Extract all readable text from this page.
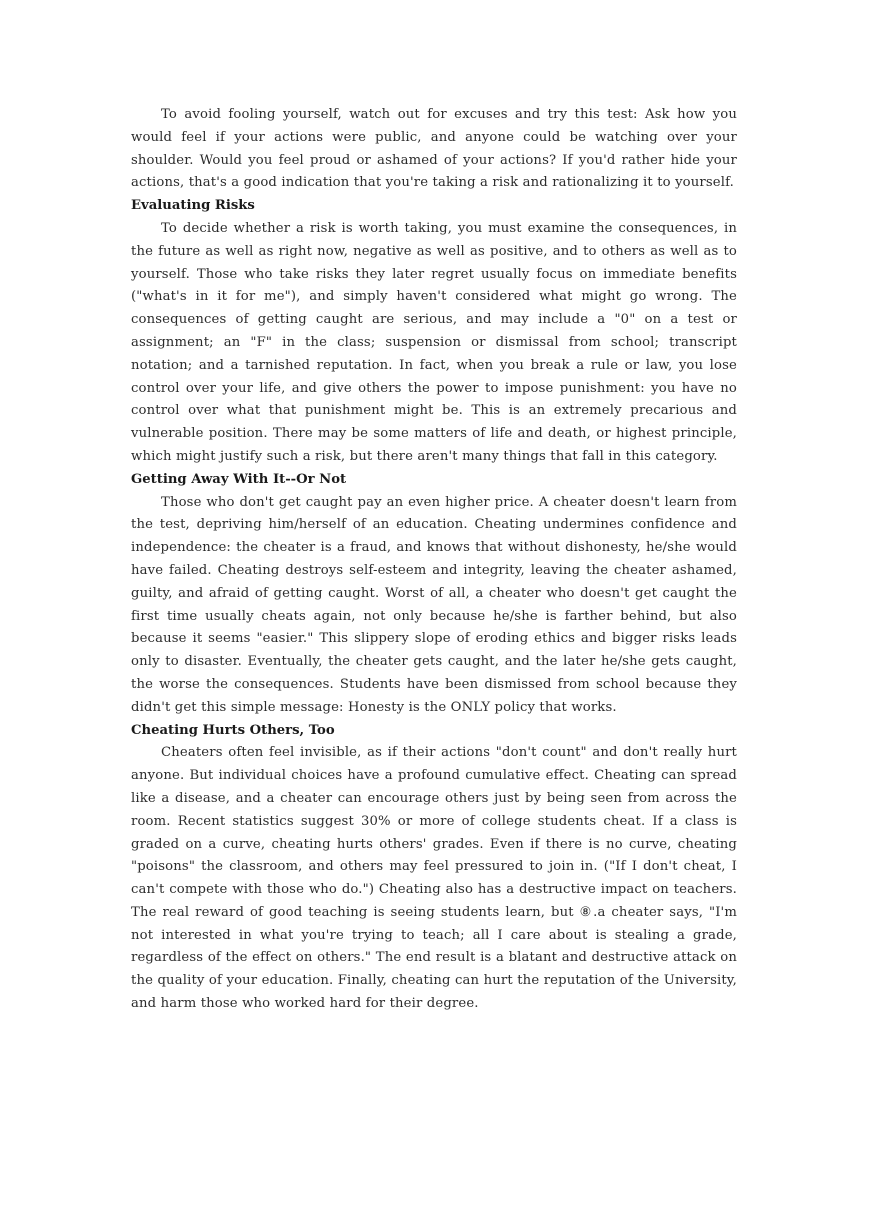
To avoid fooling yourself, watch out for excuses and try this test: Ask how you would feel if your actions were public, and anyone could be watching over your shoulder. Would you feel proud or ashamed of your actions? If you'd rather hide your actions, that's a good indication that you're taking a risk and rationalizing it to yourself.

Evaluating Risks

To decide whether a risk is worth taking, you must examine the consequences, in the future as well as right now, negative as well as positive, and to others as well as to yourself. Those who take risks they later regret usually focus on immediate benefits ("what's in it for me"), and simply haven't considered what might go wrong. The consequences of getting caught are serious, and may include a "0" on a test or assignment; an "F" in the class; suspension or dismissal from school; transcript notation; and a tarnished reputation. In fact, when you break a rule or law, you lose control over your life, and give others the power to impose punishment: you have no control over what that punishment might be. This is an extremely precarious and vulnerable position. There may be some matters of life and death, or highest principle, which might justify such a risk, but there aren't many things that fall in this category.

Getting Away With It--Or Not

Those who don't get caught pay an even higher price. A cheater doesn't learn from the test, depriving him/herself of an education. Cheating undermines confidence and independence: the cheater is a fraud, and knows that without dishonesty, he/she would have failed. Cheating destroys self-esteem and integrity, leaving the cheater ashamed, guilty, and afraid of getting caught. Worst of all, a cheater who doesn't get caught the first time usually cheats again, not only because he/she is farther behind, but also because it seems "easier." This slippery slope of eroding ethics and bigger risks leads only to disaster. Eventually, the cheater gets caught, and the later he/she gets caught, the worse the consequences. Students have been dismissed from school because they didn't get this simple message: Honesty is the ONLY policy that works.

Cheating Hurts Others, Too

Cheaters often feel invisible, as if their actions "don't count" and don't really hurt anyone. But individual choices have a profound cumulative effect. Cheating can spread like a disease, and a cheater can encourage others just by being seen from across the room. Recent statistics suggest 30% or more of college students cheat. If a class is graded on a curve, cheating hurts others' grades. Even if there is no curve, cheating "poisons" the classroom, and others may feel pressured to join in. ("If I don't cheat, I can't compete with those who do.") Cheating also has a destructive impact on teachers. The real reward of good teaching is seeing students learn, but ⑧.a cheater says, "I'm not interested in what you're trying to teach; all I care about is stealing a grade, regardless of the effect on others." The end result is a blatant and destructive attack on the quality of your education. Finally, cheating can hurt the reputation of the University, and harm those who worked hard for their degree.
